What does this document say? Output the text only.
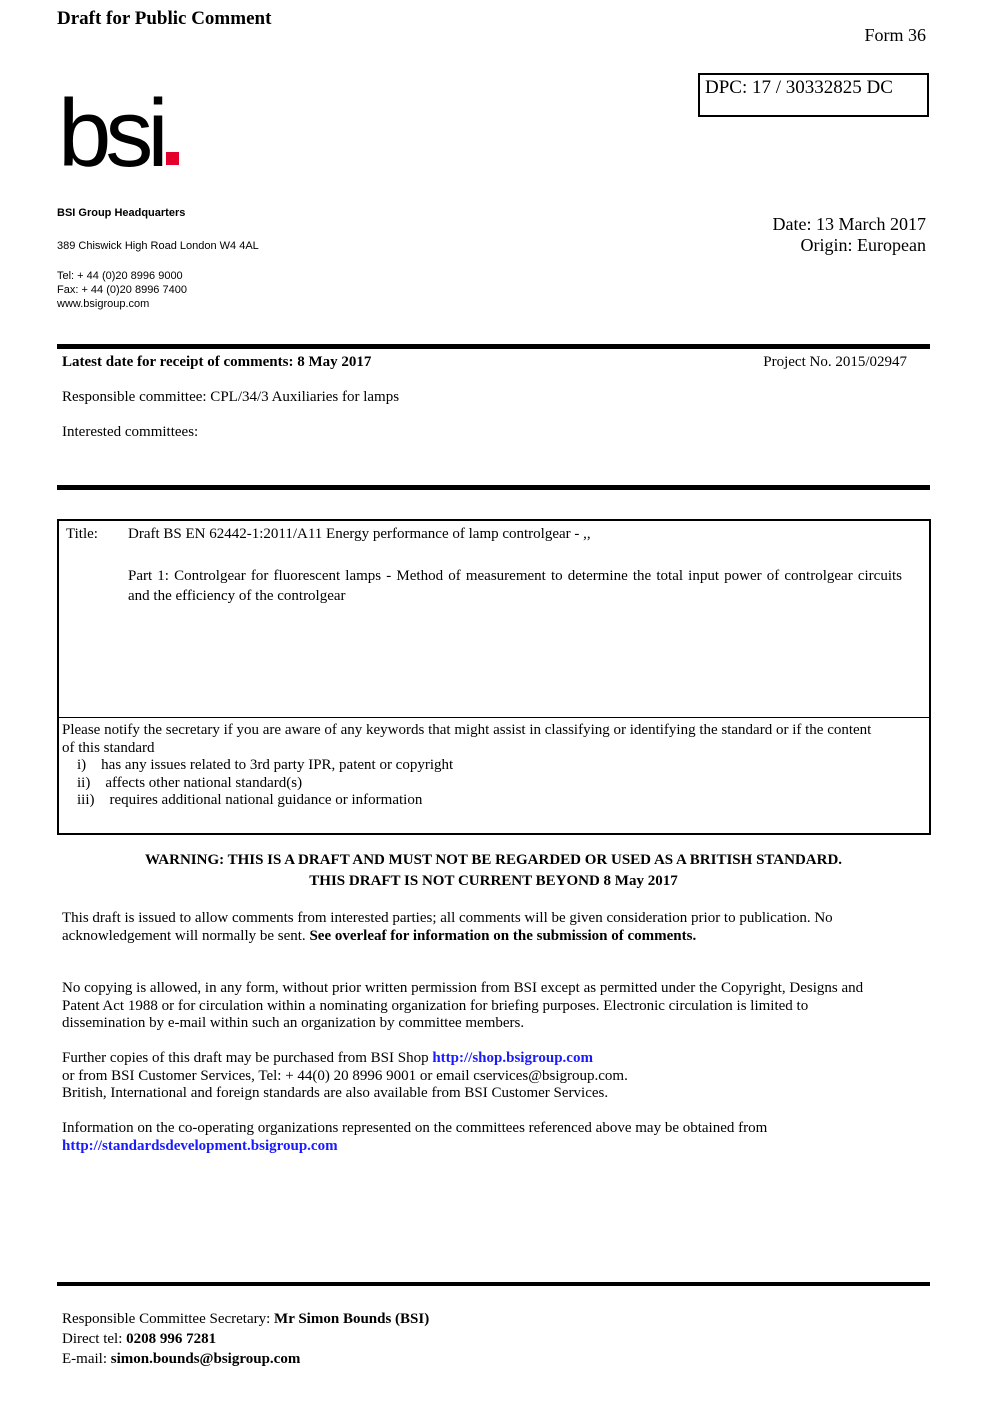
Draft for Public Comment
Form 36
DPC: 17 / 30332825 DC
bsi
BSI Group Headquarters
389 Chiswick High Road London W4 4AL
Tel: + 44 (0)20 8996 9000
Fax: + 44 (0)20 8996 7400
www.bsigroup.com
Date: 13 March 2017
Origin: European
Latest date for receipt of comments: 8 May 2017	Project No. 2015/02947
Responsible committee: CPL/34/3 Auxiliaries for lamps
Interested committees:
Title: Draft BS EN 62442-1:2011/A11 Energy performance of lamp controlgear - ,,
Part 1: Controlgear for fluorescent lamps - Method of measurement to determine the total input power of controlgear circuits and the efficiency of the controlgear
Please notify the secretary if you are aware of any keywords that might assist in classifying or identifying the standard or if the content of this standard
i) has any issues related to 3rd party IPR, patent or copyright
ii) affects other national standard(s)
iii) requires additional national guidance or information
WARNING: THIS IS A DRAFT AND MUST NOT BE REGARDED OR USED AS A BRITISH STANDARD.
THIS DRAFT IS NOT CURRENT BEYOND 8 May 2017
This draft is issued to allow comments from interested parties; all comments will be given consideration prior to publication. No acknowledgement will normally be sent. See overleaf for information on the submission of comments.
No copying is allowed, in any form, without prior written permission from BSI except as permitted under the Copyright, Designs and Patent Act 1988 or for circulation within a nominating organization for briefing purposes. Electronic circulation is limited to dissemination by e-mail within such an organization by committee members.
Further copies of this draft may be purchased from BSI Shop http://shop.bsigroup.com
or from BSI Customer Services, Tel: + 44(0) 20 8996 9001 or email cservices@bsigroup.com.
British, International and foreign standards are also available from BSI Customer Services.
Information on the co-operating organizations represented on the committees referenced above may be obtained from
http://standardsdevelopment.bsigroup.com
Responsible Committee Secretary: Mr Simon Bounds (BSI)
Direct tel: 0208 996 7281
E-mail: simon.bounds@bsigroup.com
